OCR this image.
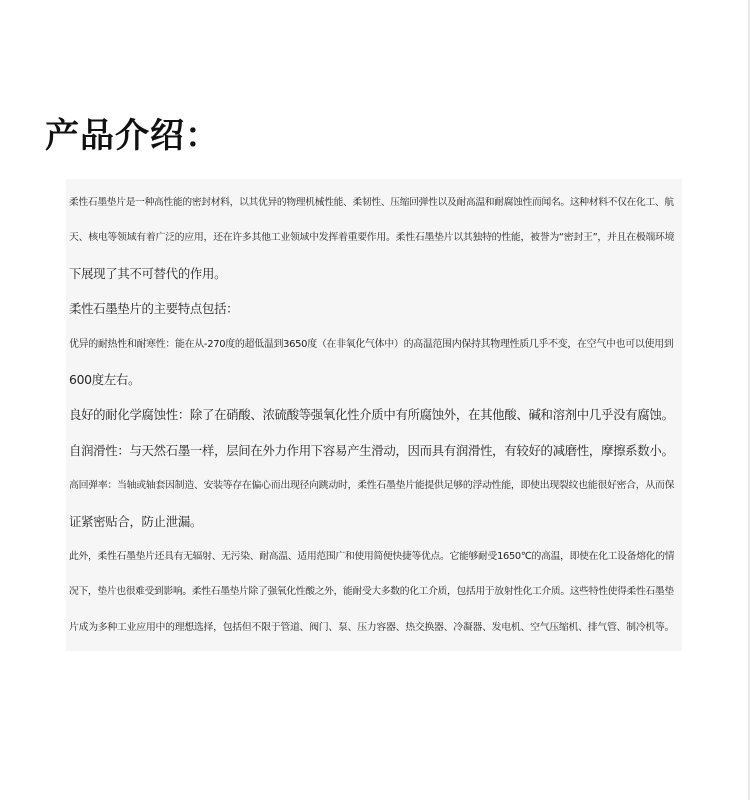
产品介绍：

柔性石墨垫片是一种高性能的密封材料，以其优异的物理机械性能、柔韧性、压缩回弹性以及耐高温和耐腐蚀性而闻名。这种材料不仅在化工、航

天、核电等领域有着广泛的应用，还在许多其他工业领域中发挥着重要作用。柔性石墨垫片以其独特的性能，被誉为“密封王”，并且在极端环境

下展现了其不可替代的作用。

柔性石墨垫片的主要特点包括：

优异的耐热性和耐寒性：能在从-270度的超低温到3650度（在非氧化气体中）的高温范围内保持其物理性质几乎不变，在空气中也可以使用到

600度左右。

良好的耐化学腐蚀性：除了在硝酸、浓硫酸等强氧化性介质中有所腐蚀外，在其他酸、碱和溶剂中几乎没有腐蚀。

自润滑性：与天然石墨一样，层间在外力作用下容易产生滑动，因而具有润滑性，有较好的减磨性，摩擦系数小。

高回弹率：当轴或轴套因制造、安装等存在偏心而出现径向跳动时，柔性石墨垫片能提供足够的浮动性能，即使出现裂纹也能很好密合，从而保

证紧密贴合，防止泄漏。

此外，柔性石墨垫片还具有无辐射、无污染、耐高温、适用范围广和使用简便快捷等优点。它能够耐受1650℃的高温，即使在化工设备熔化的情

况下，垫片也很难受到影响。柔性石墨垫片除了强氧化性酸之外，能耐受大多数的化工介质，包括用于放射性化工介质。这些特性使得柔性石墨垫

片成为多种工业应用中的理想选择，包括但不限于管道、阀门、泵、压力容器、热交换器、冷凝器、发电机、空气压缩机、排气管、制冷机等。
